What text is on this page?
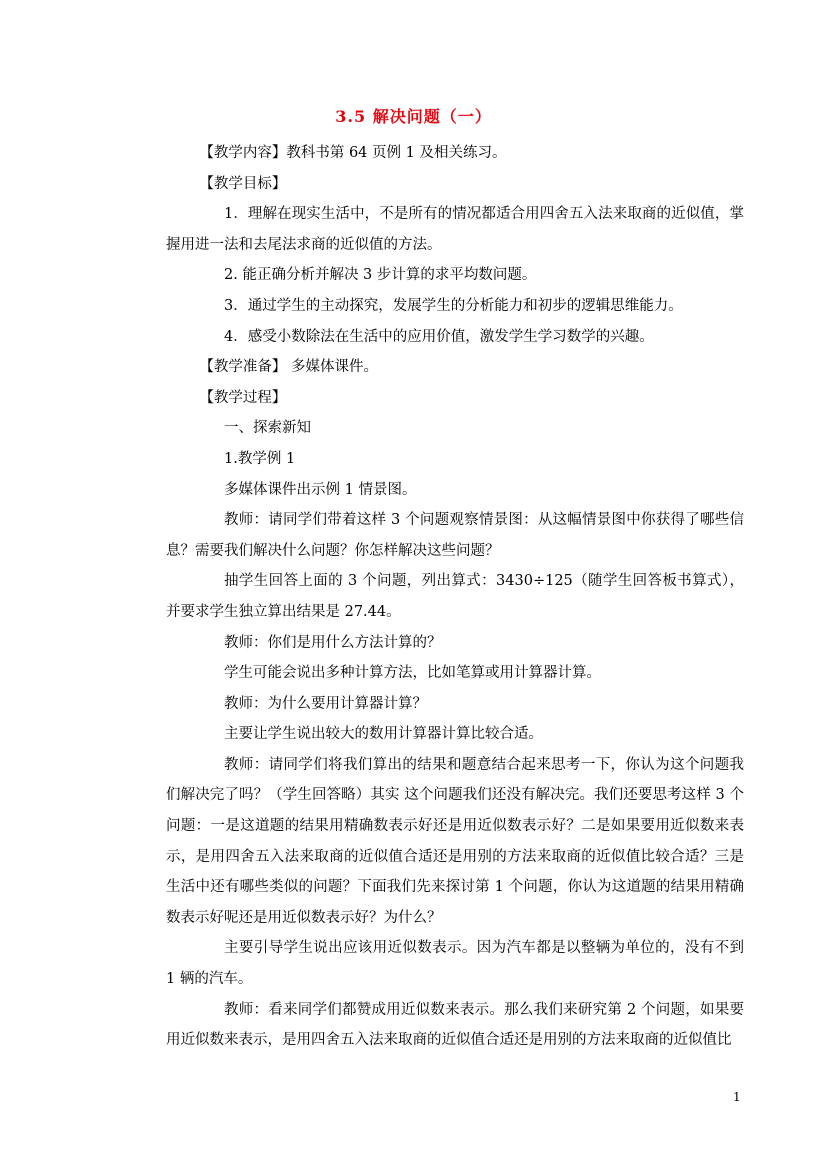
3.5 解决问题（一）

【教学内容】教科书第 64 页例 1 及相关练习。

【教学目标】

1．理解在现实生活中，不是所有的情况都适合用四舍五入法来取商的近似值，掌握用进一法和去尾法求商的近似值的方法。

2. 能正确分析并解决 3 步计算的求平均数问题。

3．通过学生的主动探究，发展学生的分析能力和初步的逻辑思维能力。

4．感受小数除法在生活中的应用价值，激发学生学习数学的兴趣。

【教学准备】 多媒体课件。

【教学过程】

一、探索新知

1.教学例 1

多媒体课件出示例 1 情景图。

教师：请同学们带着这样 3 个问题观察情景图：从这幅情景图中你获得了哪些信息？需要我们解决什么问题？你怎样解决这些问题？

抽学生回答上面的 3 个问题，列出算式：3430÷125（随学生回答板书算式），并要求学生独立算出结果是 27.44。

教师：你们是用什么方法计算的？

学生可能会说出多种计算方法，比如笔算或用计算器计算。

教师：为什么要用计算器计算？

主要让学生说出较大的数用计算器计算比较合适。

教师：请同学们将我们算出的结果和题意结合起来思考一下，你认为这个问题我们解决完了吗？（学生回答略）其实 这个问题我们还没有解决完。我们还要思考这样 3 个问题：一是这道题的结果用精确数表示好还是用近似数表示好？二是如果要用近似数来表示，是用四舍五入法来取商的近似值合适还是用别的方法来取商的近似值比较合适？三是生活中还有哪些类似的问题？下面我们先来探讨第 1 个问题，你认为这道题的结果用精确数表示好呢还是用近似数表示好？为什么？

主要引导学生说出应该用近似数表示。因为汽车都是以整辆为单位的，没有不到 1 辆的汽车。

教师：看来同学们都赞成用近似数来表示。那么我们来研究第 2 个问题，如果要用近似数来表示，是用四舍五入法来取商的近似值合适还是用别的方法来取商的近似值比

1
